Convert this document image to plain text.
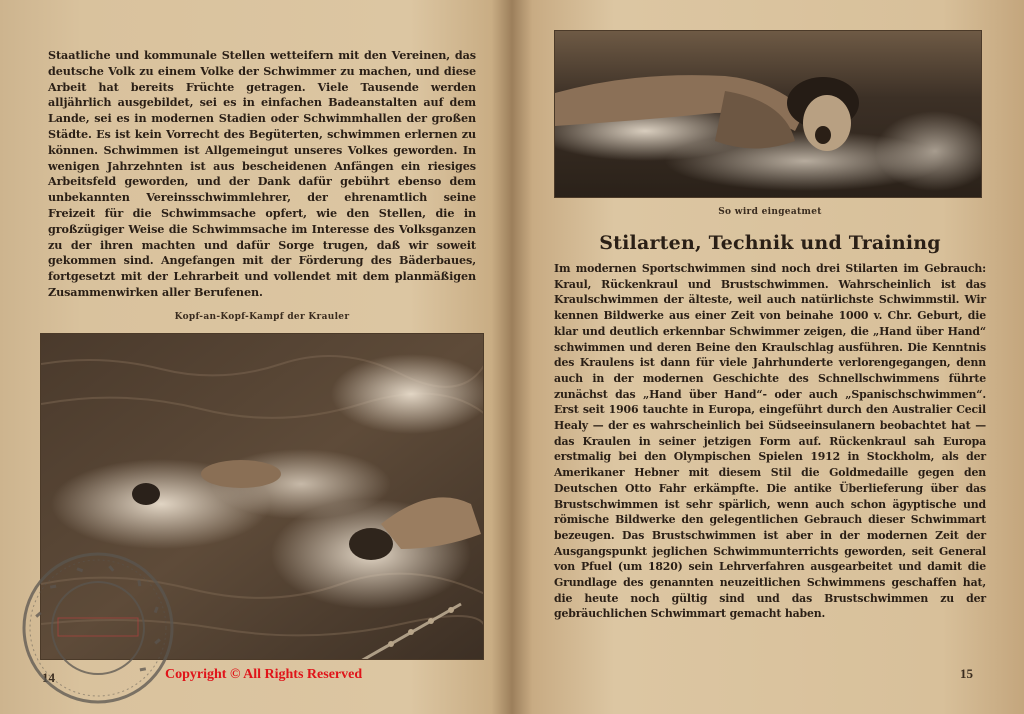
Staatliche und kommunale Stellen wetteifern mit den Vereinen, das deutsche Volk zu einem Volke der Schwimmer zu machen, und diese Arbeit hat bereits Früchte getragen. Viele Tausende werden alljährlich ausgebildet, sei es in einfachen Badeanstalten auf dem Lande, sei es in modernen Stadien oder Schwimmhallen der großen Städte. Es ist kein Vorrecht des Begüterten, schwimmen erlernen zu können. Schwimmen ist Allgemeingut unseres Volkes geworden. In wenigen Jahrzehnten ist aus bescheidenen Anfängen ein riesiges Arbeitsfeld geworden, und der Dank dafür gebührt ebenso dem unbekannten Vereinsschwimmlehrer, der ehrenamtlich seine Freizeit für die Schwimmsache opfert, wie den Stellen, die in großzügiger Weise die Schwimmsache im Interesse des Volksganzen zu der ihren machten und dafür Sorge trugen, daß wir soweit gekommen sind. Angefangen mit der Förderung des Bäderbaues, fortgesetzt mit der Lehrarbeit und vollendet mit dem planmäßigen Zusammenwirken aller Berufenen.

Kopf-an-Kopf-Kampf der Krauler
14
So wird eingeatmet
Stilarten, Technik und Training

Im modernen Sportschwimmen sind noch drei Stilarten im Gebrauch: Kraul, Rückenkraul und Brustschwimmen. Wahrscheinlich ist das Kraulschwimmen der älteste, weil auch natürlichste Schwimmstil. Wir kennen Bildwerke aus einer Zeit von beinahe 1000 v. Chr. Geburt, die klar und deutlich erkennbar Schwimmer zeigen, die „Hand über Hand“ schwimmen und deren Beine den Kraulschlag ausführen. Die Kenntnis des Kraulens ist dann für viele Jahrhunderte verlorengegangen, denn auch in der modernen Geschichte des Schnellschwimmens führte zunächst das „Hand über Hand“- oder auch „Spanischschwimmen“. Erst seit 1906 tauchte in Europa, eingeführt durch den Australier Cecil Healy — der es wahrscheinlich bei Südseeinsulanern beobachtet hat — das Kraulen in seiner jetzigen Form auf. Rückenkraul sah Europa erstmalig bei den Olympischen Spielen 1912 in Stockholm, als der Amerikaner Hebner mit diesem Stil die Goldmedaille gegen den Deutschen Otto Fahr erkämpfte. Die antike Überlieferung über das Brustschwimmen ist sehr spärlich, wenn auch schon ägyptische und römische Bildwerke den gelegentlichen Gebrauch dieser Schwimmart bezeugen. Das Brustschwimmen ist aber in der modernen Zeit der Ausgangspunkt jeglichen Schwimmunterrichts geworden, seit General von Pfuel (um 1820) sein Lehrverfahren ausgearbeitet und damit die Grundlage des genannten neuzeitlichen Schwimmens geschaffen hat, die heute noch gültig sind und das Brustschwimmen zu der gebräuchlichen Schwimmart gemacht haben.

15
Copyright © All Rights Reserved
